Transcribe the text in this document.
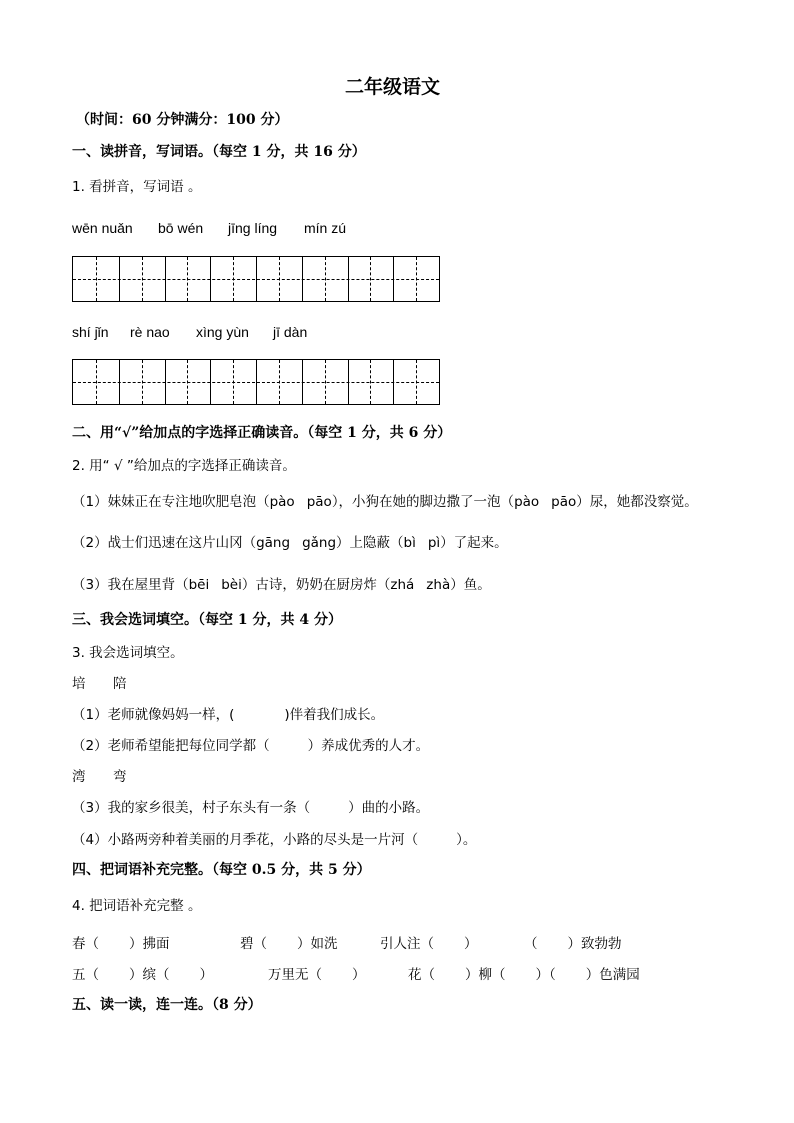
二年级语文
（时间：60 分钟满分：100 分）
一、读拼音，写词语。（每空 1 分，共 16 分）
1. 看拼音，写词语 。
wēn nuǎn bō wén jīng líng mín zú
shí jǐn rè nao xìng yùn jī dàn
二、用“√”给加点的字选择正确读音。（每空 1 分，共 6 分）
2. 用“ √ ”给加点的字选择正确读音。
（1）妹妹正在专注地吹肥皂泡（pào pāo），小狗在她的脚边撒了一泡（pào pāo）尿，她都没察觉。
（2）战士们迅速在这片山冈（gāng gǎng）上隐蔽（bì pì）了起来。
（3）我在屋里背（bēi bèi）古诗，奶奶在厨房炸（zhá zhà）鱼。
三、我会选词填空。（每空 1 分，共 4 分）
3. 我会选词填空。
培 陪
（1）老师就像妈妈一样，(	)伴着我们成长。
（2）老师希望能把每位同学都（	）养成优秀的人才。
湾 弯
（3）我的家乡很美，村子东头有一条（	）曲的小路。
（4）小路两旁种着美丽的月季花，小路的尽头是一片河（	）。
四、把词语补充完整。（每空 0.5 分，共 5 分）
4. 把词语补充完整 。
春（ ）拂面	碧（ ）如洗	引人注（ ）	（ ）致勃勃
五（ ）缤（ ）	万里无（ ）	花（ ）柳（ ）（ ）色满园
五、读一读，连一连。（8 分）
